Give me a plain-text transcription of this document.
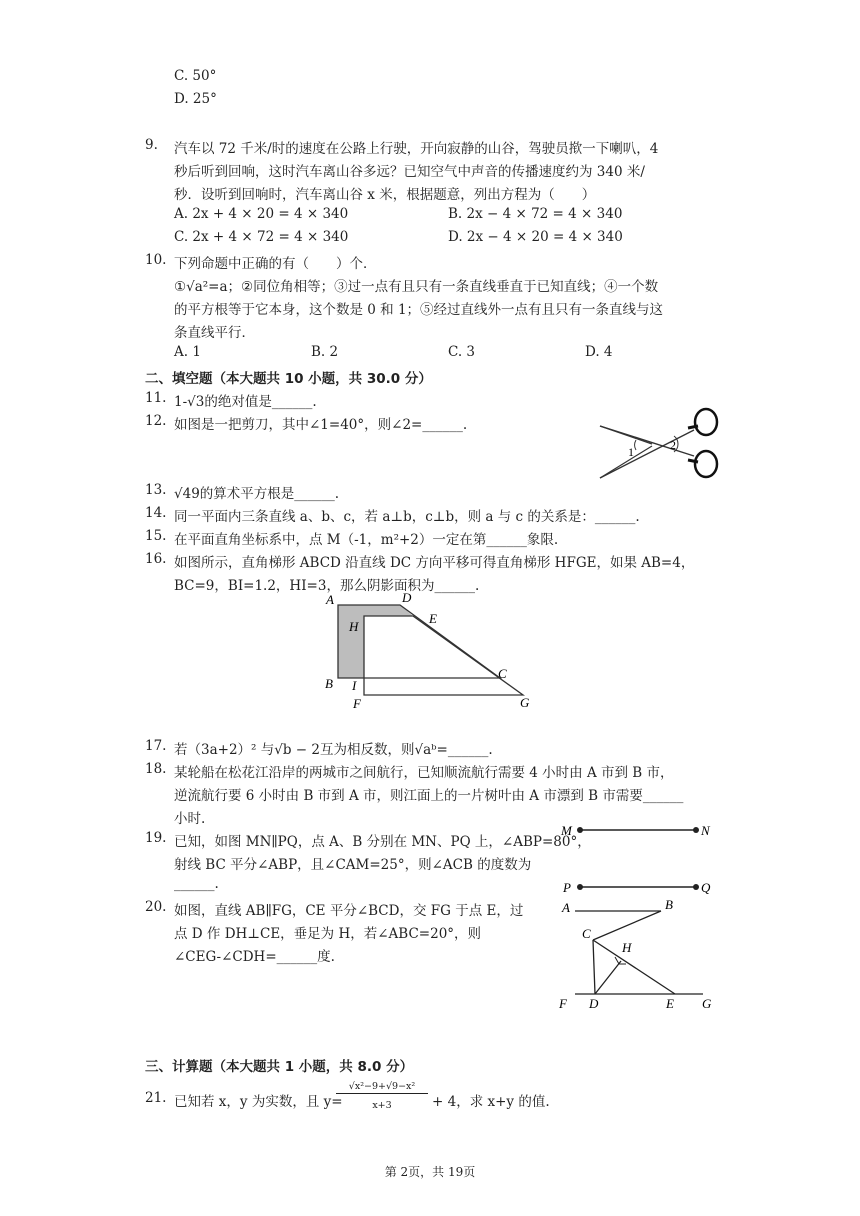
C. 50°
D. 25°
9. 汽车以 72 千米/时的速度在公路上行驶，开向寂静的山谷，驾驶员揿一下喇叭，4
秒后听到回响，这时汽车离山谷多远？已知空气中声音的传播速度约为 340 米/
秒．设听到回响时，汽车离山谷 x 米，根据题意，列出方程为（　　）
A. 2x + 4 × 20 = 4 × 340	B. 2x − 4 × 72 = 4 × 340
C. 2x + 4 × 72 = 4 × 340	D. 2x − 4 × 20 = 4 × 340
10. 下列命题中正确的有（　　）个．
①√a²=a；②同位角相等；③过一点有且只有一条直线垂直于已知直线；④一个数
的平方根等于它本身，这个数是 0 和 1；⑤经过直线外一点有且只有一条直线与这
条直线平行．
A. 1	B. 2	C. 3	D. 4
二、填空题（本大题共 10 小题，共 30.0 分）
11. 1-√3的绝对值是______.
12. 如图是一把剪刀，其中∠1=40°，则∠2=______.
1	2
13. √49的算术平方根是______.
14. 同一平面内三条直线 a、b、c，若 a⊥b，c⊥b，则 a 与 c 的关系是：______.
15. 在平面直角坐标系中，点 M（-1，m²+2）一定在第______象限.
16. 如图所示，直角梯形 ABCD 沿直线 DC 方向平移可得直角梯形 HFGE，如果 AB=4，
BC=9，BI=1.2，HI=3，那么阴影面积为______.
A	D
E
H
C
B I
F	G
17. 若（3a+2）² 与√b − 2互为相反数，则√aᵇ=______.
18. 某轮船在松花江沿岸的两城市之间航行，已知顺流航行需要 4 小时由 A 市到 B 市，
逆流航行要 6 小时由 B 市到 A 市，则江面上的一片树叶由 A 市漂到 B 市需要______
小时.
19. 已知，如图 MN∥PQ，点 A、B 分别在 MN、PQ 上，∠ABP=80°，
射线 BC 平分∠ABP，且∠CAM=25°，则∠ACB 的度数为
______.
M	N
P	Q
20. 如图，直线 AB∥FG，CE 平分∠BCD，交 FG 于点 E，过
点 D 作 DH⊥CE，垂足为 H，若∠ABC=20°，则
∠CEG-∠CDH=______度.
A	B
C
H
F D	E G
三、计算题（本大题共 1 小题，共 8.0 分）
21. 已知若 x，y 为实数，且 y=
√x²−9+√9−x²
x+3	+ 4，求 x+y 的值.
第 2页，共 19页
